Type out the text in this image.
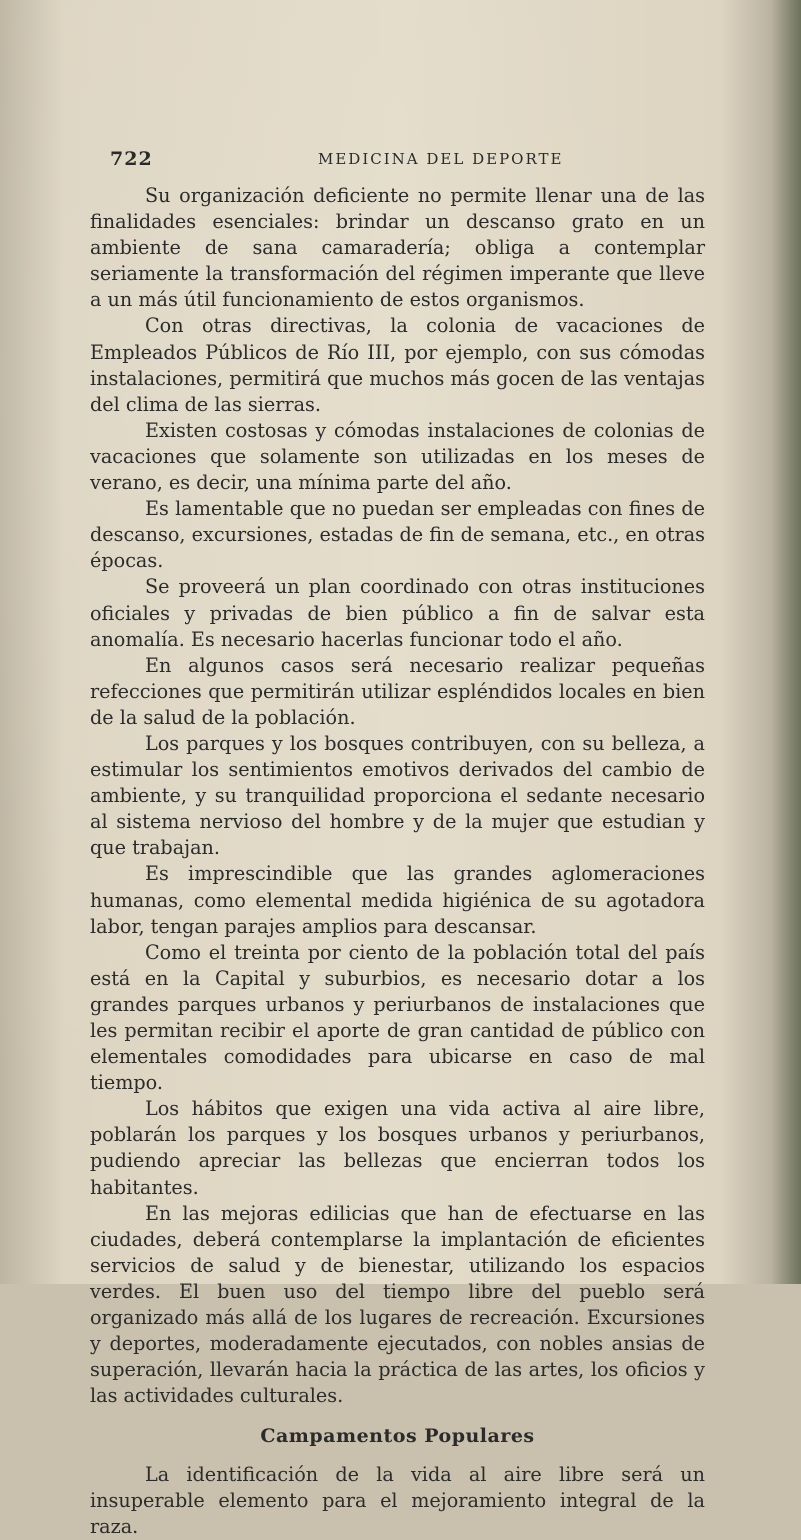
722	MEDICINA DEL DEPORTE

Su organización deficiente no permite llenar una de las finalidades esenciales: brindar un descanso grato en un ambiente de sana camaradería; obliga a contemplar seriamente la transformación del régimen imperante que lleve a un más útil funcionamiento de estos organismos.

Con otras directivas, la colonia de vacaciones de Empleados Públicos de Río III, por ejemplo, con sus cómodas instalaciones, permitirá que muchos más gocen de las ventajas del clima de las sierras.

Existen costosas y cómodas instalaciones de colonias de vacaciones que solamente son utilizadas en los meses de verano, es decir, una mínima parte del año.

Es lamentable que no puedan ser empleadas con fines de descanso, excursiones, estadas de fin de semana, etc., en otras épocas.

Se proveerá un plan coordinado con otras instituciones oficiales y privadas de bien público a fin de salvar esta anomalía. Es necesario hacerlas funcionar todo el año.

En algunos casos será necesario realizar pequeñas refecciones que permitirán utilizar espléndidos locales en bien de la salud de la población.

Los parques y los bosques contribuyen, con su belleza, a estimular los sentimientos emotivos derivados del cambio de ambiente, y su tranquilidad proporciona el sedante necesario al sistema nervioso del hombre y de la mujer que estudian y que trabajan.

Es imprescindible que las grandes aglomeraciones humanas, como elemental medida higiénica de su agotadora labor, tengan parajes amplios para descansar.

Como el treinta por ciento de la población total del país está en la Capital y suburbios, es necesario dotar a los grandes parques urbanos y periurbanos de instalaciones que les permitan recibir el aporte de gran cantidad de público con elementales comodidades para ubicarse en caso de mal tiempo.

Los hábitos que exigen una vida activa al aire libre, poblarán los parques y los bosques urbanos y periurbanos, pudiendo apreciar las bellezas que encierran todos los habitantes.

En las mejoras edilicias que han de efectuarse en las ciudades, deberá contemplarse la implantación de eficientes servicios de salud y de bienestar, utilizando los espacios verdes. El buen uso del tiempo libre del pueblo será organizado más allá de los lugares de recreación. Excursiones y deportes, moderadamente ejecutados, con nobles ansias de superación, llevarán hacia la práctica de las artes, los oficios y las actividades culturales.

Campamentos Populares

La identificación de la vida al aire libre será un insuperable elemento para el mejoramiento integral de la raza.
